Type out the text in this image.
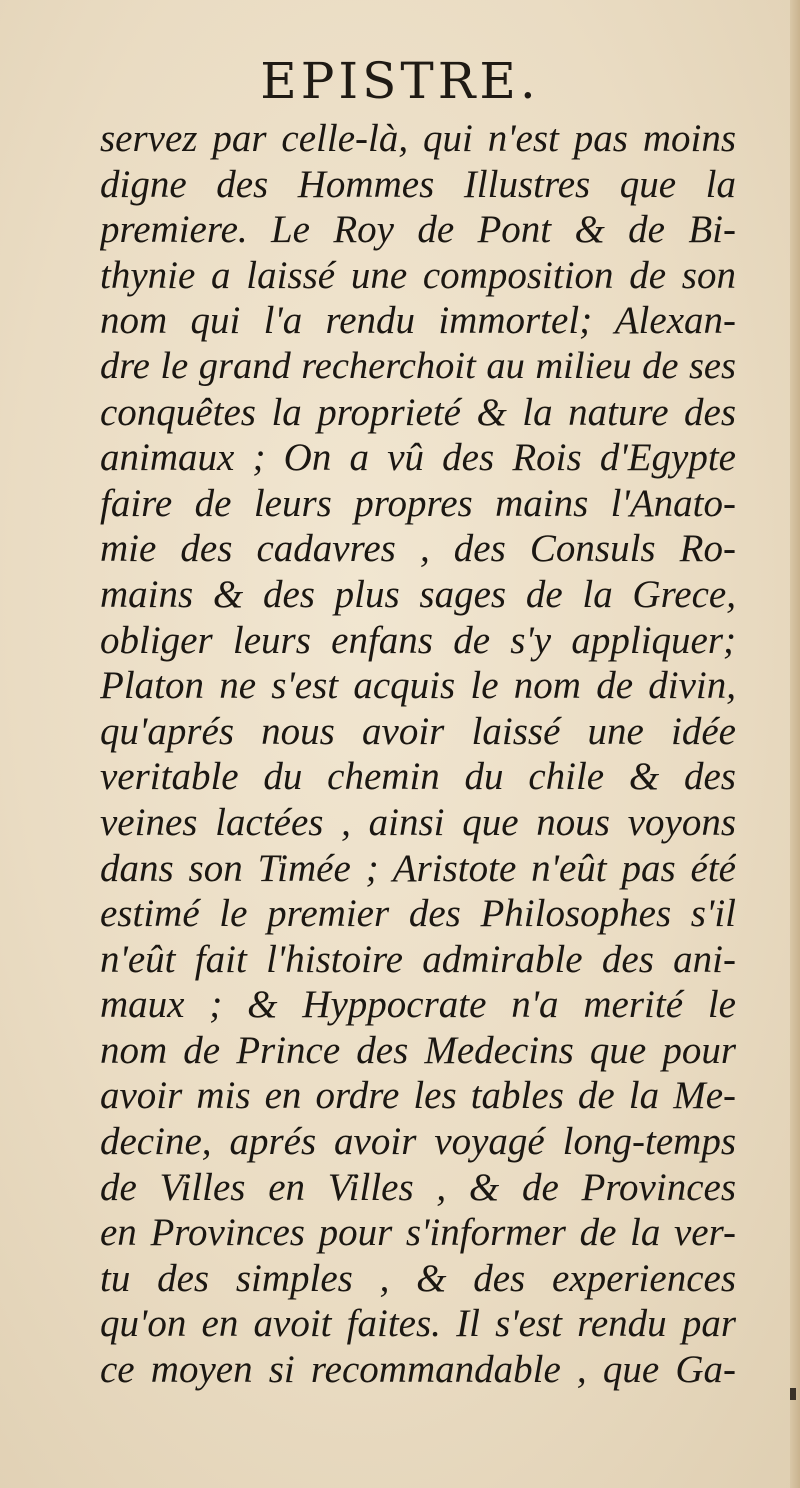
EPISTRE.
servez par celle-là, qui n'est pas moins
digne des Hommes Illustres que la
premiere. Le Roy de Pont & de Bi-
thynie a laissé une composition de son
nom qui l'a rendu immortel; Alexan-
dre le grand recherchoit au milieu de ses
conquêtes la proprieté & la nature des
animaux ; On a vû des Rois d'Egypte
faire de leurs propres mains l'Anato-
mie des cadavres , des Consuls Ro-
mains & des plus sages de la Grece,
obliger leurs enfans de s'y appliquer;
Platon ne s'est acquis le nom de divin,
qu'aprés nous avoir laissé une idée
veritable du chemin du chile & des
veines lactées , ainsi que nous voyons
dans son Timée ; Aristote n'eût pas été
estimé le premier des Philosophes s'il
n'eût fait l'histoire admirable des ani-
maux ; & Hyppocrate n'a merité le
nom de Prince des Medecins que pour
avoir mis en ordre les tables de la Me-
decine, aprés avoir voyagé long-temps
de Villes en Villes , & de Provinces
en Provinces pour s'informer de la ver-
tu des simples , & des experiences
qu'on en avoit faites. Il s'est rendu par
ce moyen si recommandable , que Ga-
